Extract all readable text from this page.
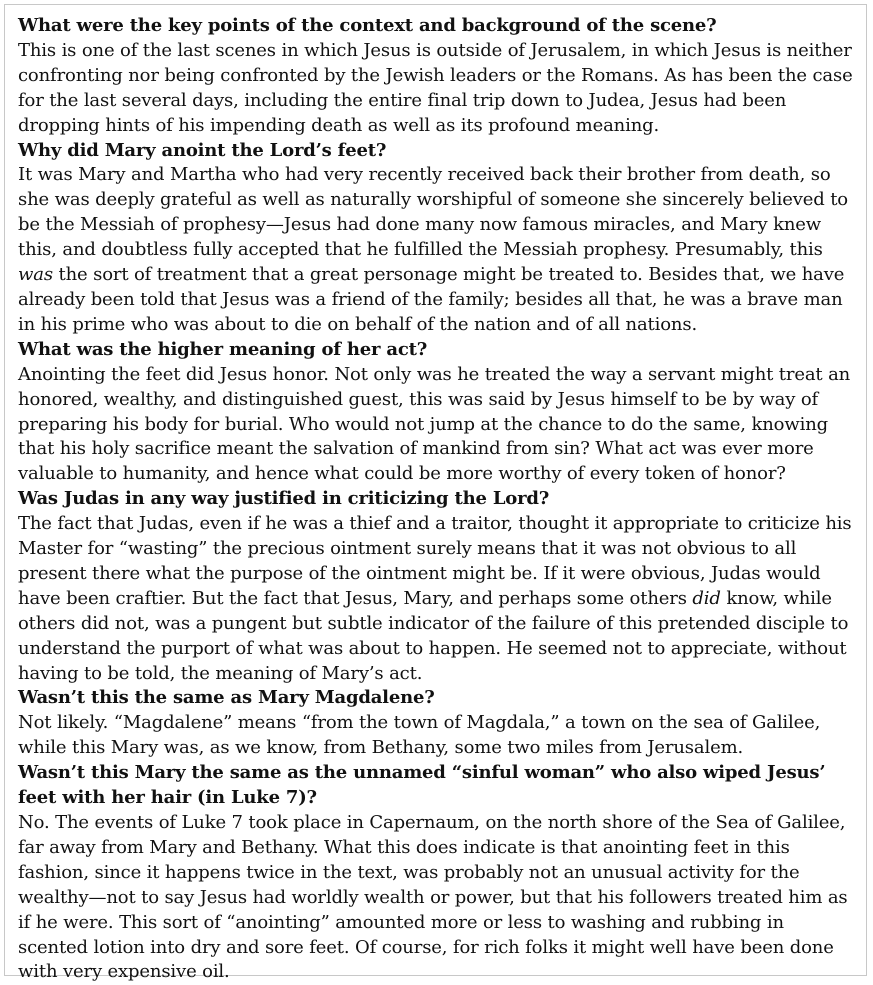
What were the key points of the context and background of the scene?

This is one of the last scenes in which Jesus is outside of Jerusalem, in which Jesus is neither confronting nor being confronted by the Jewish leaders or the Romans. As has been the case for the last several days, including the entire final trip down to Judea, Jesus had been dropping hints of his impending death as well as its profound meaning.

Why did Mary anoint the Lord’s feet?

It was Mary and Martha who had very recently received back their brother from death, so she was deeply grateful as well as naturally worshipful of someone she sincerely believed to be the Messiah of prophesy—Jesus had done many now famous miracles, and Mary knew this, and doubtless fully accepted that he fulfilled the Messiah prophesy. Presumably, this was the sort of treatment that a great personage might be treated to. Besides that, we have already been told that Jesus was a friend of the family; besides all that, he was a brave man in his prime who was about to die on behalf of the nation and of all nations.

What was the higher meaning of her act?

Anointing the feet did Jesus honor. Not only was he treated the way a servant might treat an honored, wealthy, and distinguished guest, this was said by Jesus himself to be by way of preparing his body for burial. Who would not jump at the chance to do the same, knowing that his holy sacrifice meant the salvation of mankind from sin? What act was ever more valuable to humanity, and hence what could be more worthy of every token of honor?

Was Judas in any way justified in criticizing the Lord?

The fact that Judas, even if he was a thief and a traitor, thought it appropriate to criticize his Master for “wasting” the precious ointment surely means that it was not obvious to all present there what the purpose of the ointment might be. If it were obvious, Judas would have been craftier. But the fact that Jesus, Mary, and perhaps some others did know, while others did not, was a pungent but subtle indicator of the failure of this pretended disciple to understand the purport of what was about to happen. He seemed not to appreciate, without having to be told, the meaning of Mary’s act.

Wasn’t this the same as Mary Magdalene?

Not likely. “Magdalene” means “from the town of Magdala,” a town on the sea of Galilee, while this Mary was, as we know, from Bethany, some two miles from Jerusalem.

Wasn’t this Mary the same as the unnamed “sinful woman” who also wiped Jesus’ feet with her hair (in Luke 7)?

No. The events of Luke 7 took place in Capernaum, on the north shore of the Sea of Galilee, far away from Mary and Bethany. What this does indicate is that anointing feet in this fashion, since it happens twice in the text, was probably not an unusual activity for the wealthy—not to say Jesus had worldly wealth or power, but that his followers treated him as if he were. This sort of “anointing” amounted more or less to washing and rubbing in scented lotion into dry and sore feet. Of course, for rich folks it might well have been done with very expensive oil.
